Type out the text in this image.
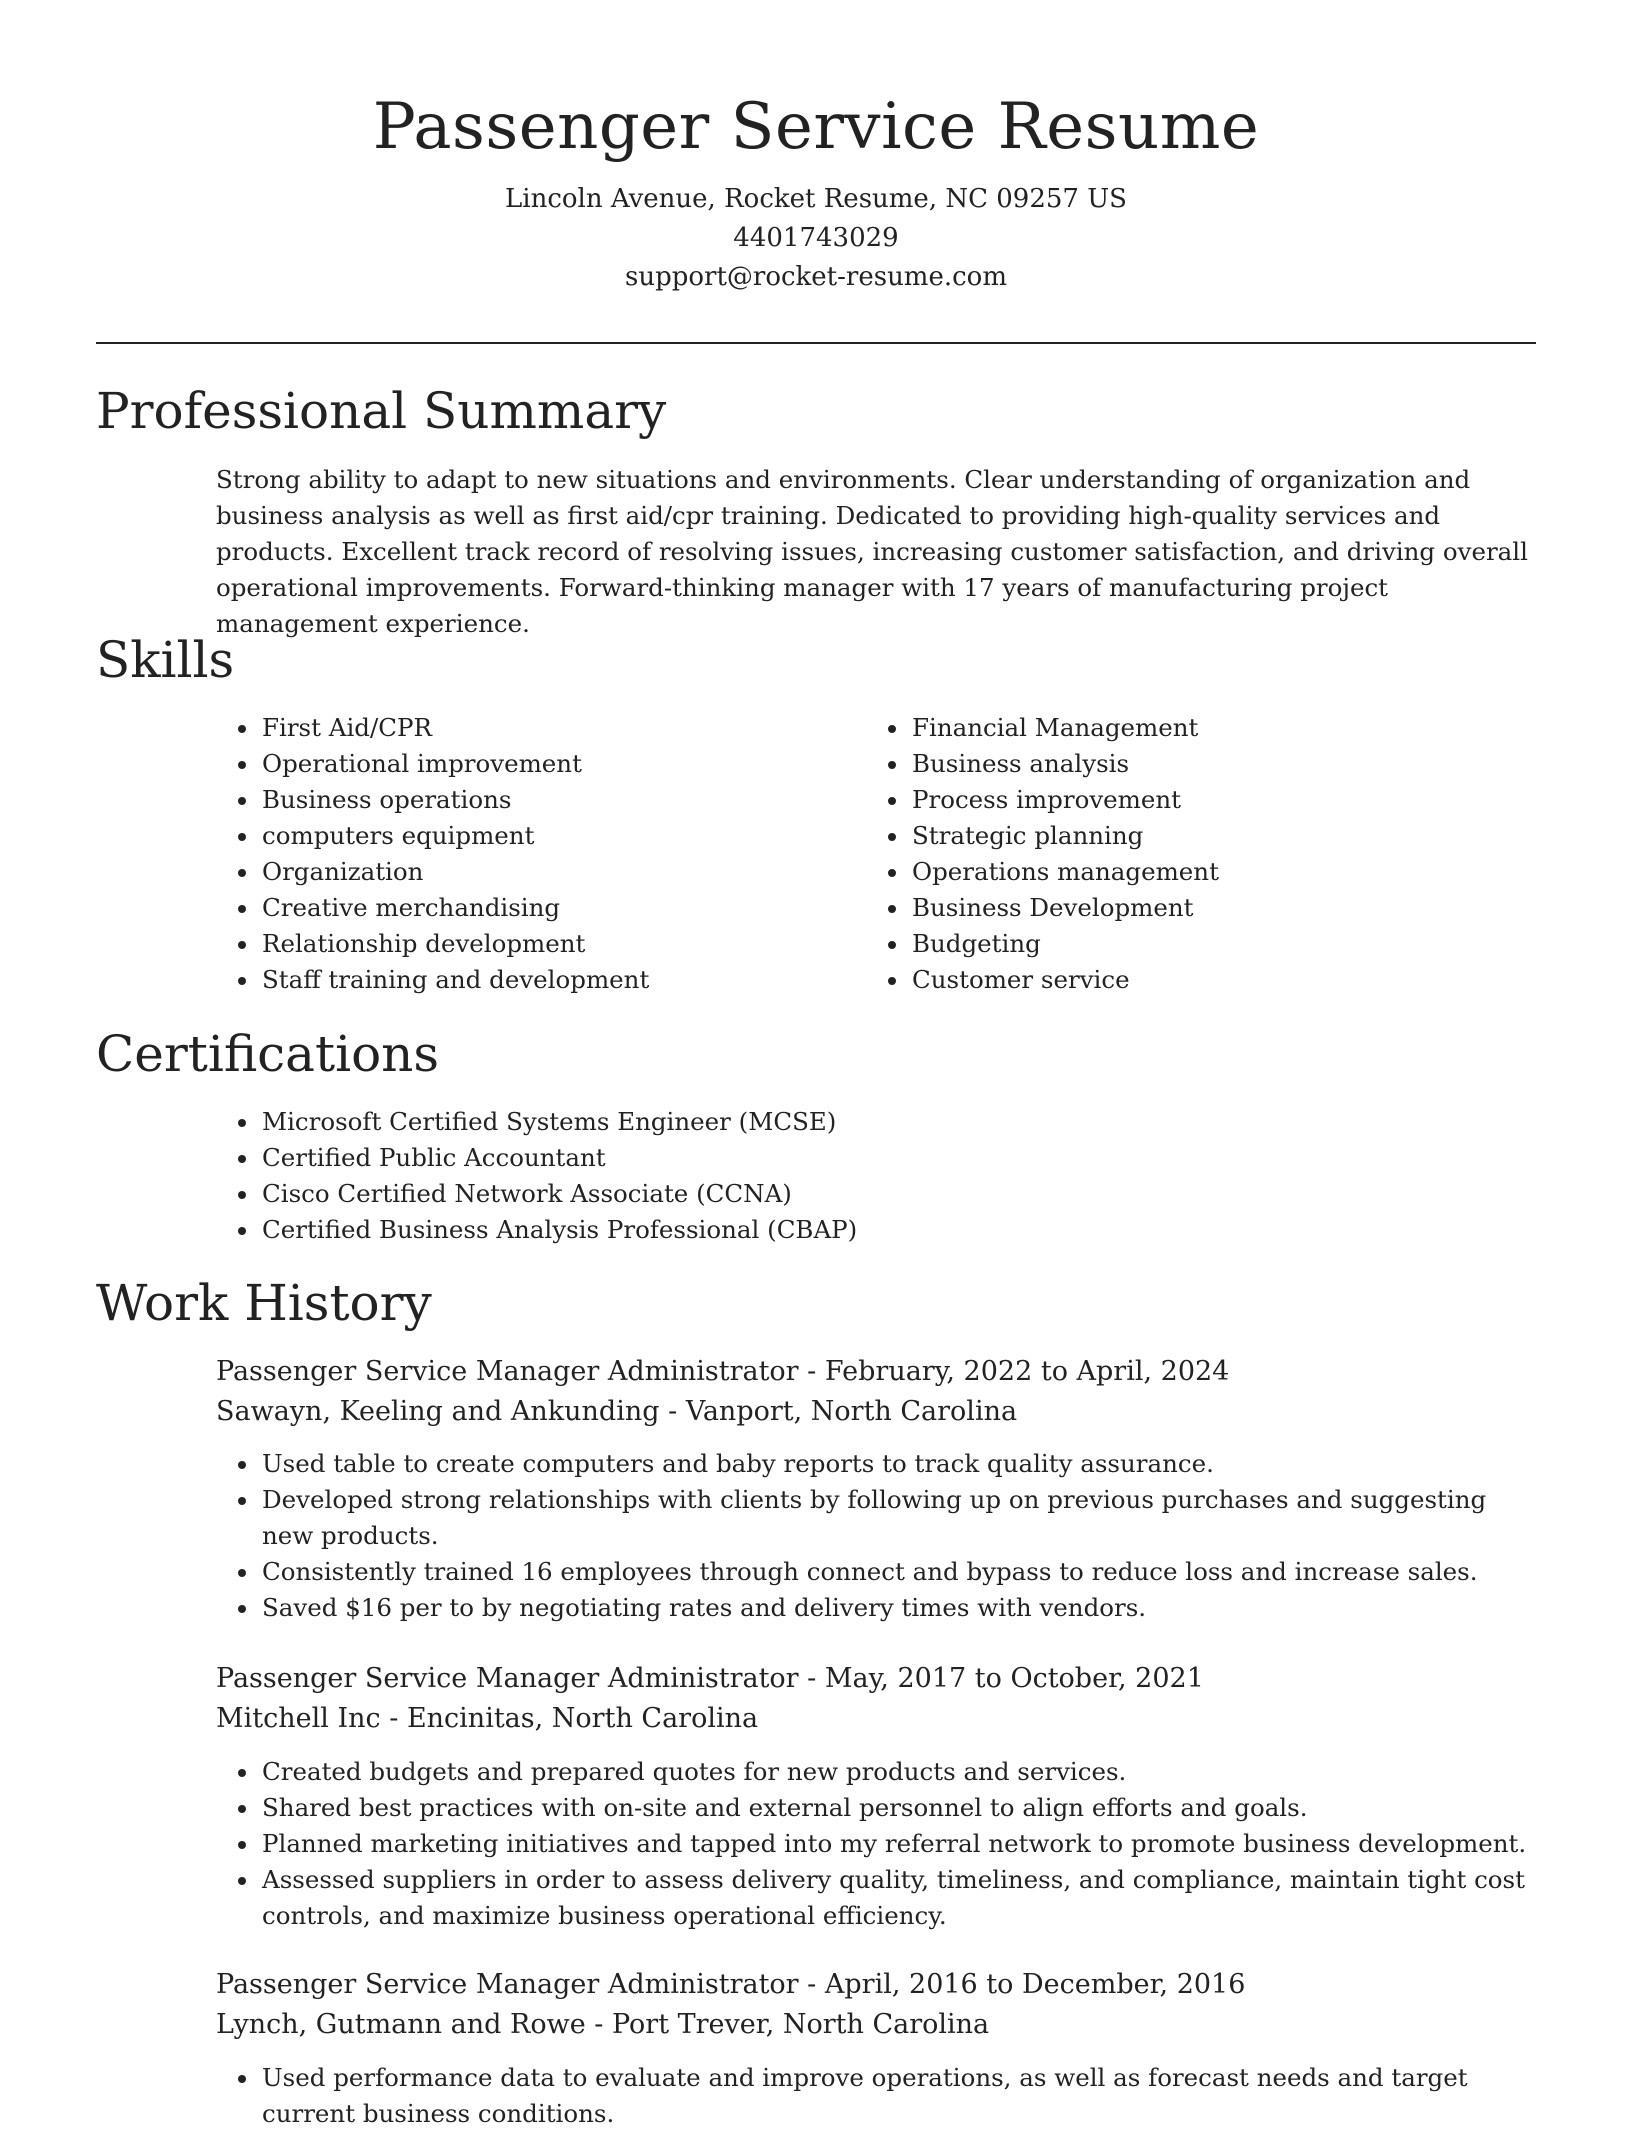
Passenger Service Resume
Lincoln Avenue, Rocket Resume, NC 09257 US
4401743029
support@rocket-resume.com
Professional Summary
Strong ability to adapt to new situations and environments. Clear understanding of organization and business analysis as well as first aid/cpr training. Dedicated to providing high-quality services and products. Excellent track record of resolving issues, increasing customer satisfaction, and driving overall operational improvements. Forward-thinking manager with 17 years of manufacturing project management experience.
Skills
• First Aid/CPR
• Operational improvement
• Business operations
• computers equipment
• Organization
• Creative merchandising
• Relationship development
• Staff training and development
• Financial Management
• Business analysis
• Process improvement
• Strategic planning
• Operations management
• Business Development
• Budgeting
• Customer service
Certifications
• Microsoft Certified Systems Engineer (MCSE)
• Certified Public Accountant
• Cisco Certified Network Associate (CCNA)
• Certified Business Analysis Professional (CBAP)
Work History
Passenger Service Manager Administrator - February, 2022 to April, 2024
Sawayn, Keeling and Ankunding - Vanport, North Carolina
• Used table to create computers and baby reports to track quality assurance.
• Developed strong relationships with clients by following up on previous purchases and suggesting new products.
• Consistently trained 16 employees through connect and bypass to reduce loss and increase sales.
• Saved $16 per to by negotiating rates and delivery times with vendors.
Passenger Service Manager Administrator - May, 2017 to October, 2021
Mitchell Inc - Encinitas, North Carolina
• Created budgets and prepared quotes for new products and services.
• Shared best practices with on-site and external personnel to align efforts and goals.
• Planned marketing initiatives and tapped into my referral network to promote business development.
• Assessed suppliers in order to assess delivery quality, timeliness, and compliance, maintain tight cost controls, and maximize business operational efficiency.
Passenger Service Manager Administrator - April, 2016 to December, 2016
Lynch, Gutmann and Rowe - Port Trever, North Carolina
• Used performance data to evaluate and improve operations, as well as forecast needs and target current business conditions.
